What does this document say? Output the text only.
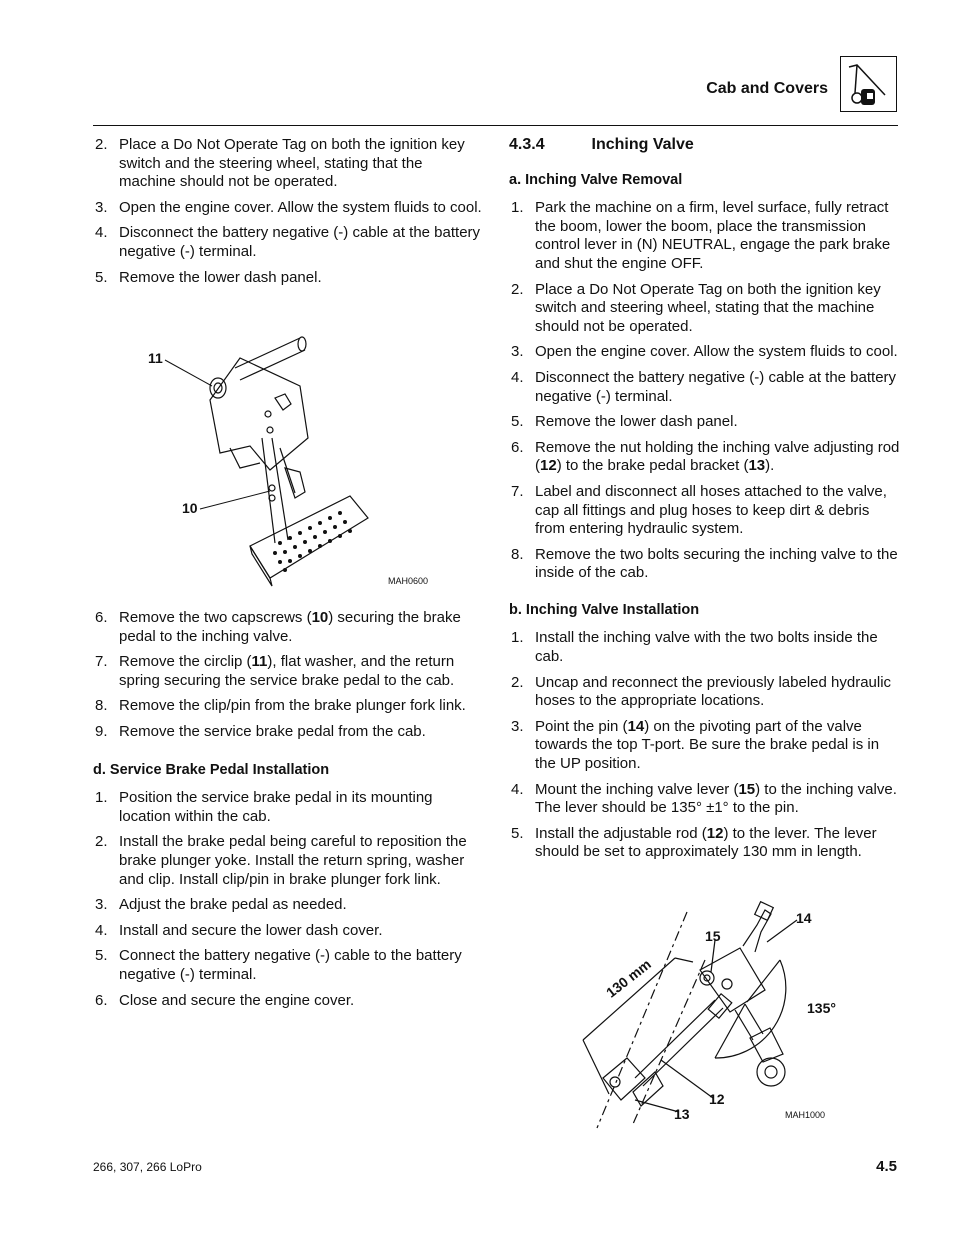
Cab and Covers
2. Place a Do Not Operate Tag on both the ignition key switch and the steering wheel, stating that the machine should not be operated.
3. Open the engine cover. Allow the system fluids to cool.
4. Disconnect the battery negative (-) cable at the battery negative (-) terminal.
5. Remove the lower dash panel.
11
10
MAH0600
6. Remove the two capscrews (10) securing the brake pedal to the inching valve.
7. Remove the circlip (11), flat washer, and the return spring securing the service brake pedal to the cab.
8. Remove the clip/pin from the brake plunger fork link.
9. Remove the service brake pedal from the cab.
d. Service Brake Pedal Installation
1. Position the service brake pedal in its mounting location within the cab.
2. Install the brake pedal being careful to reposition the brake plunger yoke. Install the return spring, washer and clip. Install clip/pin in brake plunger fork link.
3. Adjust the brake pedal as needed.
4. Install and secure the lower dash cover.
5. Connect the battery negative (-) cable to the battery negative (-) terminal.
6. Close and secure the engine cover.
4.3.4	Inching Valve
a. Inching Valve Removal
1. Park the machine on a firm, level surface, fully retract the boom, lower the boom, place the transmission control lever in (N) NEUTRAL, engage the park brake and shut the engine OFF.
2. Place a Do Not Operate Tag on both the ignition key switch and steering wheel, stating that the machine should not be operated.
3. Open the engine cover. Allow the system fluids to cool.
4. Disconnect the battery negative (-) cable at the battery negative (-) terminal.
5. Remove the lower dash panel.
6. Remove the nut holding the inching valve adjusting rod (12) to the brake pedal bracket (13).
7. Label and disconnect all hoses attached to the valve, cap all fittings and plug hoses to keep dirt & debris from entering hydraulic system.
8. Remove the two bolts securing the inching valve to the inside of the cab.
b. Inching Valve Installation
1. Install the inching valve with the two bolts inside the cab.
2. Uncap and reconnect the previously labeled hydraulic hoses to the appropriate locations.
3. Point the pin (14) on the pivoting part of the valve towards the top T-port. Be sure the brake pedal is in the UP position.
4. Mount the inching valve lever (15) to the inching valve. The lever should be 135° ±1° to the pin.
5. Install the adjustable rod (12) to the lever. The lever should be set to approximately 130 mm in length.
15
14
135°
130 mm
12
13	MAH1000
266, 307, 266 LoPro	4.5
